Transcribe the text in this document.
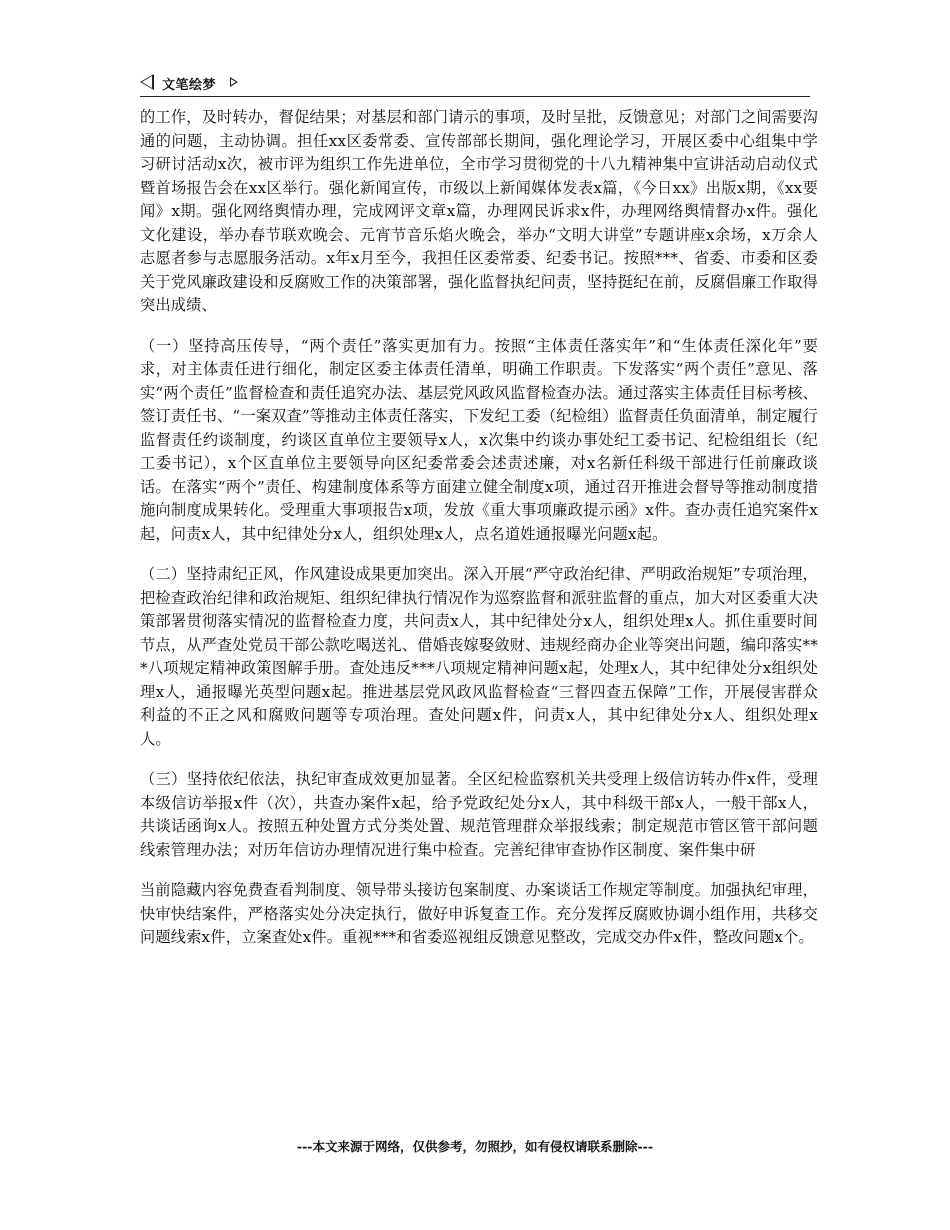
文笔绘梦

的工作，及时转办，督促结果；对基层和部门请示的事项，及时呈批，反馈意见；对部门之间需要沟通的问题，主动协调。担任xx区委常委、宣传部部长期间，强化理论学习，开展区委中心组集中学习研讨活动x次，被市评为组织工作先进单位，全市学习贯彻党的十八九精神集中宣讲活动启动仪式暨首场报告会在xx区举行。强化新闻宣传，市级以上新闻媒体发表x篇，《今日xx》出版x期，《xx要闻》x期。强化网络舆情办理，完成网评文章x篇，办理网民诉求x件，办理网络舆情督办x件。强化文化建设，举办春节联欢晚会、元宵节音乐焰火晚会，举办“文明大讲堂”专题讲座x余场，x万余人志愿者参与志愿服务活动。x年x月至今，我担任区委常委、纪委书记。按照***、省委、市委和区委关于党风廉政建设和反腐败工作的决策部署，强化监督执纪问责，坚持挺纪在前，反腐倡廉工作取得突出成绩、

（一）坚持高压传导，“两个责任”落实更加有力。按照“主体责任落实年”和“生体责任深化年”要求，对主体责任进行细化，制定区委主体责任清单，明确工作职责。下发落实“两个责任”意见、落实“两个责任”监督检查和责任追究办法、基层党风政风监督检查办法。通过落实主体责任目标考核、签订责任书、“一案双查”等推动主体责任落实，下发纪工委（纪检组）监督责任负面清单，制定履行监督责任约谈制度，约谈区直单位主要领导x人，x次集中约谈办事处纪工委书记、纪检组组长（纪工委书记），x个区直单位主要领导向区纪委常委会述责述廉，对x名新任科级干部进行任前廉政谈话。在落实“两个”责任、构建制度体系等方面建立健全制度x项，通过召开推进会督导等推动制度措施向制度成果转化。受理重大事项报告x项，发放《重大事项廉政提示函》x件。查办责任追究案件x起，问责x人，其中纪律处分x人，组织处理x人，点名道姓通报曝光问题x起。

（二）坚持肃纪正风，作风建设成果更加突出。深入开展“严守政治纪律、严明政治规矩”专项治理，把检查政治纪律和政治规矩、组织纪律执行情况作为巡察监督和派驻监督的重点，加大对区委重大决策部署贯彻落实情况的监督检查力度，共问责x人，其中纪律处分x人，组织处理x人。抓住重要时间节点，从严查处党员干部公款吃喝送礼、借婚丧嫁娶敛财、违规经商办企业等突出问题，编印落实***八项规定精神政策图解手册。查处违反***八项规定精神问题x起，处理x人，其中纪律处分x组织处理x人，通报曝光英型问题x起。推进基层党风政风监督检查“三督四查五保障”工作，开展侵害群众利益的不正之风和腐败问题等专项治理。查处问题x件，问责x人，其中纪律处分x人、组织处理x人。

（三）坚持依纪依法，执纪审查成效更加显著。全区纪检监察机关共受理上级信访转办件x件，受理本级信访举报x件（次），共查办案件x起，给予党政纪处分x人，其中科级干部x人，一般干部x人，共谈话函询x人。按照五种处置方式分类处置、规范管理群众举报线索；制定规范市管区管干部问题线索管理办法；对历年信访办理情况进行集中检查。完善纪律审查协作区制度、案件集中研

当前隐藏内容免费查看判制度、领导带头接访包案制度、办案谈话工作规定等制度。加强执纪审理，快审快结案件，严格落实处分决定执行，做好申诉复查工作。充分发挥反腐败协调小组作用，共移交问题线索x件，立案查处x件。重视***和省委巡视组反馈意见整改，完成交办件x件，整改问题x个。

---本文来源于网络，仅供参考，勿照抄，如有侵权请联系删除---
